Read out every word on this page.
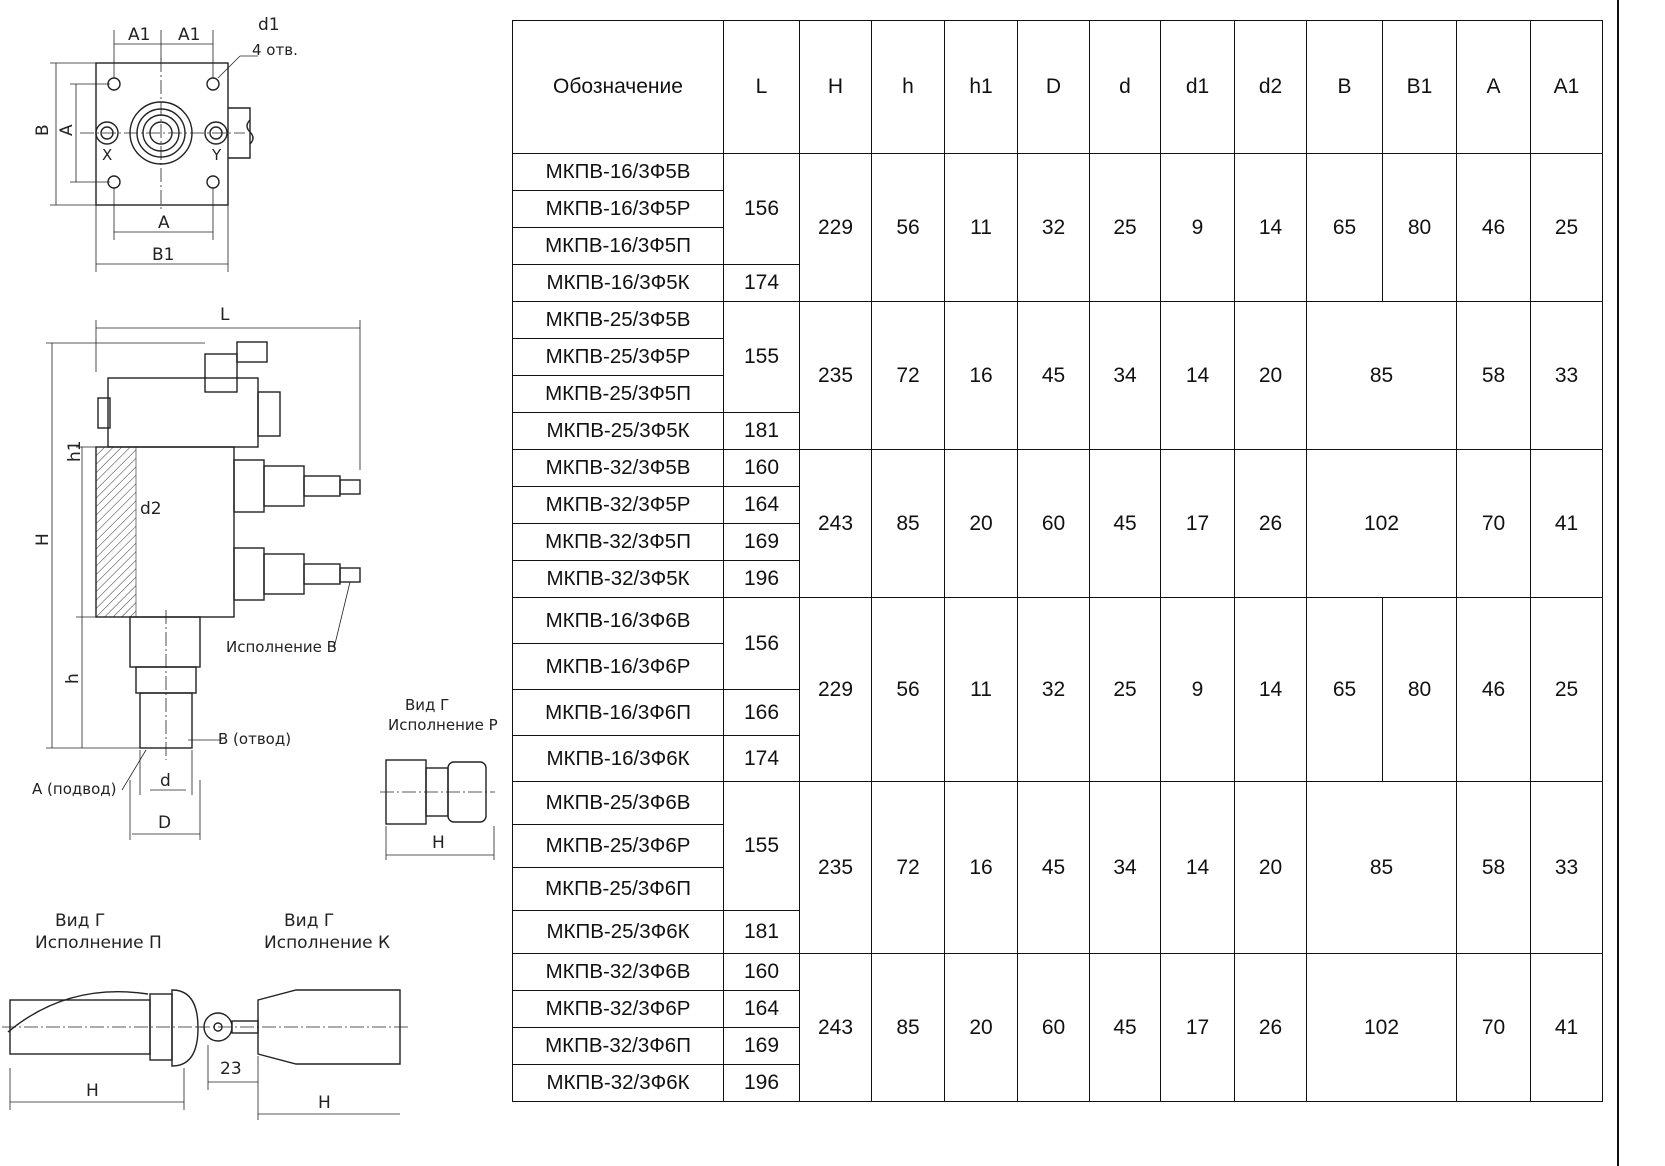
A1 A1	d1
4 отв.
B A
X	Y
A
B1
L
h1
d2
H
h
Исполнение В
В (отвод)
А (подвод)	d
D
Вид Г
Исполнение Р
H
Вид Г
Исполнение П
H
Вид Г
Исполнение К
23
H
Обозначение	L	H	h	h1	D	d	d1	d2	B	B1	A	A1
МКПВ-16/3Ф5В	156	229	56	11	32	25	9	14	65	80	46	25
МКПВ-16/3Ф5Р												
МКПВ-16/3Ф5П												
МКПВ-16/3Ф5К	174											
МКПВ-25/3Ф5В	155	235	72	16	45	34	14	20	85		58	33
МКПВ-25/3Ф5Р												
МКПВ-25/3Ф5П												
МКПВ-25/3Ф5К	181											
МКПВ-32/3Ф5В	160	243	85	20	60	45	17	26	102		70	41
МКПВ-32/3Ф5Р	164											
МКПВ-32/3Ф5П	169											
МКПВ-32/3Ф5К	196											
МКПВ-16/3Ф6В	156	229	56	11	32	25	9	14	65	80	46	25
МКПВ-16/3Ф6Р												
МКПВ-16/3Ф6П	166											
МКПВ-16/3Ф6К	174											
МКПВ-25/3Ф6В	155	235	72	16	45	34	14	20	85		58	33
МКПВ-25/3Ф6Р												
МКПВ-25/3Ф6П												
МКПВ-25/3Ф6К	181											
МКПВ-32/3Ф6В	160	243	85	20	60	45	17	26	102		70	41
МКПВ-32/3Ф6Р	164											
МКПВ-32/3Ф6П	169											
МКПВ-32/3Ф6К	196											
